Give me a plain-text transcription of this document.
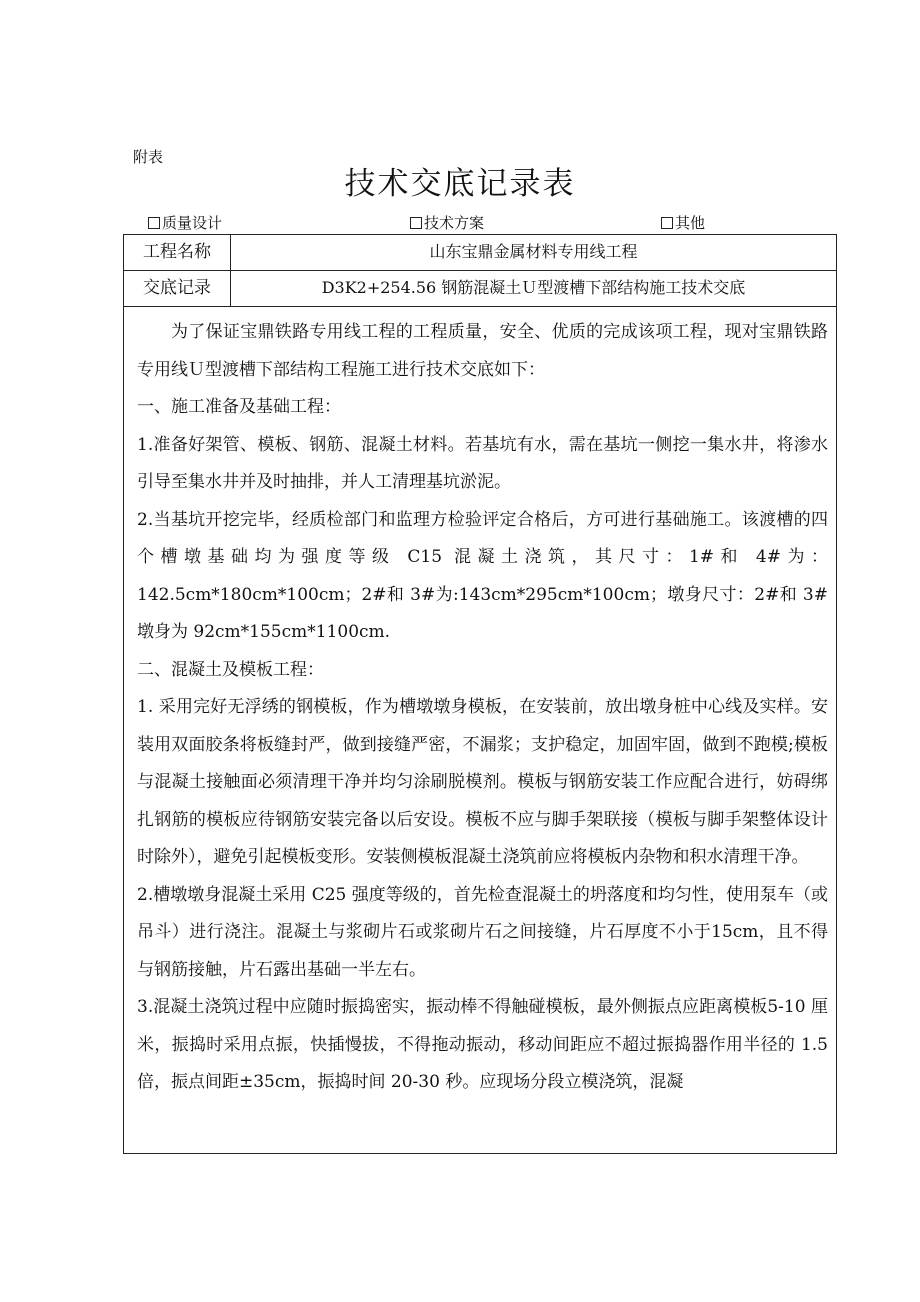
附表
技术交底记录表
质量设计	技术方案	其他
工程名称	山东宝鼎金属材料专用线工程
交底记录	D3K2+254.56 钢筋混凝土Ｕ型渡槽下部结构施工技术交底

为了保证宝鼎铁路专用线工程的工程质量，安全、优质的完成该项工程，现对宝鼎铁路专用线Ｕ型渡槽下部结构工程施工进行技术交底如下：

一、施工准备及基础工程：

1.准备好架管、模板、钢筋、混凝土材料。若基坑有水，需在基坑一侧挖一集水井，将渗水引导至集水井并及时抽排，并人工清理基坑淤泥。

2.当基坑开挖完毕，经质检部门和监理方检验评定合格后，方可进行基础施工。该渡槽的四个槽墩基础均为强度等级 C15 混凝土浇筑，其尺寸：1#和 4#为：142.5cm*180cm*100cm；2#和 3#为:143cm*295cm*100cm；墩身尺寸：2#和 3#墩身为 92cm*155cm*1100cm.

二、混凝土及模板工程：

1. 采用完好无浮绣的钢模板，作为槽墩墩身模板，在安装前，放出墩身桩中心线及实样。安装用双面胶条将板缝封严，做到接缝严密，不漏浆；支护稳定，加固牢固，做到不跑模;模板与混凝土接触面必须清理干净并均匀涂刷脱模剂。模板与钢筋安装工作应配合进行，妨碍绑扎钢筋的模板应待钢筋安装完备以后安设。模板不应与脚手架联接（模板与脚手架整体设计时除外），避免引起模板变形。安装侧模板混凝土浇筑前应将模板内杂物和积水清理干净。

2.槽墩墩身混凝土采用 C25 强度等级的，首先检查混凝土的坍落度和均匀性，使用泵车（或吊斗）进行浇注。混凝土与浆砌片石或浆砌片石之间接缝，片石厚度不小于15cm，且不得与钢筋接触，片石露出基础一半左右。

3.混凝土浇筑过程中应随时振捣密实，振动棒不得触碰模板，最外侧振点应距离模板5-10 厘米，振捣时采用点振，快插慢拔，不得拖动振动，移动间距应不超过振捣器作用半径的 1.5 倍，振点间距±35cm，振捣时间 20-30 秒。应现场分段立模浇筑，混凝
